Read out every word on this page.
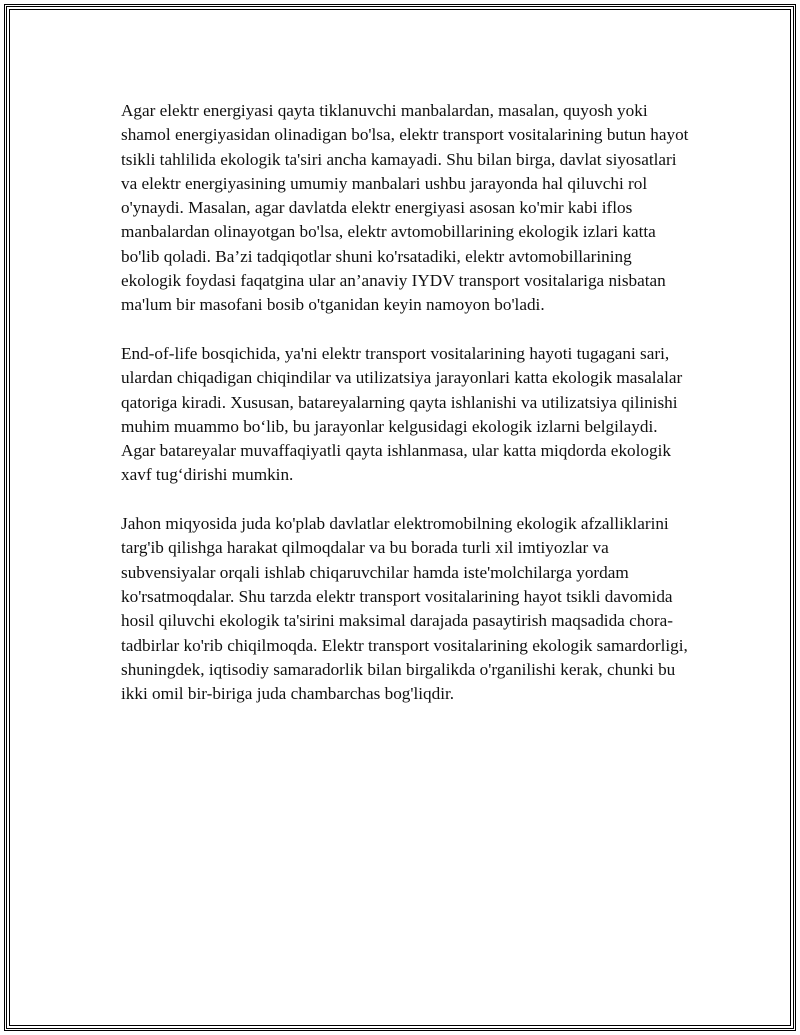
Agar elektr energiyasi qayta tiklanuvchi manbalardan, masalan, quyosh yoki shamol energiyasidan olinadigan bo'lsa, elektr transport vositalarining butun hayot tsikli tahlilida ekologik ta'siri ancha kamayadi. Shu bilan birga, davlat siyosatlari va elektr energiyasining umumiy manbalari ushbu jarayonda hal qiluvchi rol o'ynaydi. Masalan, agar davlatda elektr energiyasi asosan ko'mir kabi iflos manbalardan olinayotgan bo'lsa, elektr avtomobillarining ekologik izlari katta bo'lib qoladi. Ba’zi tadqiqotlar shuni ko'rsatadiki, elektr avtomobillarining ekologik foydasi faqatgina ular an’anaviy IYDV transport vositalariga nisbatan ma'lum bir masofani bosib o'tganidan keyin namoyon bo'ladi.

End-of-life bosqichida, ya'ni elektr transport vositalarining hayoti tugagani sari, ulardan chiqadigan chiqindilar va utilizatsiya jarayonlari katta ekologik masalalar qatoriga kiradi. Xususan, batareyalarning qayta ishlanishi va utilizatsiya qilinishi muhim muammo bo‘lib, bu jarayonlar kelgusidagi ekologik izlarni belgilaydi. Agar batareyalar muvaffaqiyatli qayta ishlanmasa, ular katta miqdorda ekologik xavf tug‘dirishi mumkin.

Jahon miqyosida juda ko'plab davlatlar elektromobilning ekologik afzalliklarini targ'ib qilishga harakat qilmoqdalar va bu borada turli xil imtiyozlar va subvensiyalar orqali ishlab chiqaruvchilar hamda iste'molchilarga yordam ko'rsatmoqdalar. Shu tarzda elektr transport vositalarining hayot tsikli davomida hosil qiluvchi ekologik ta'sirini maksimal darajada pasaytirish maqsadida chora-tadbirlar ko'rib chiqilmoqda. Elektr transport vositalarining ekologik samardorligi, shuningdek, iqtisodiy samaradorlik bilan birgalikda o'rganilishi kerak, chunki bu ikki omil bir-biriga juda chambarchas bog'liqdir.
